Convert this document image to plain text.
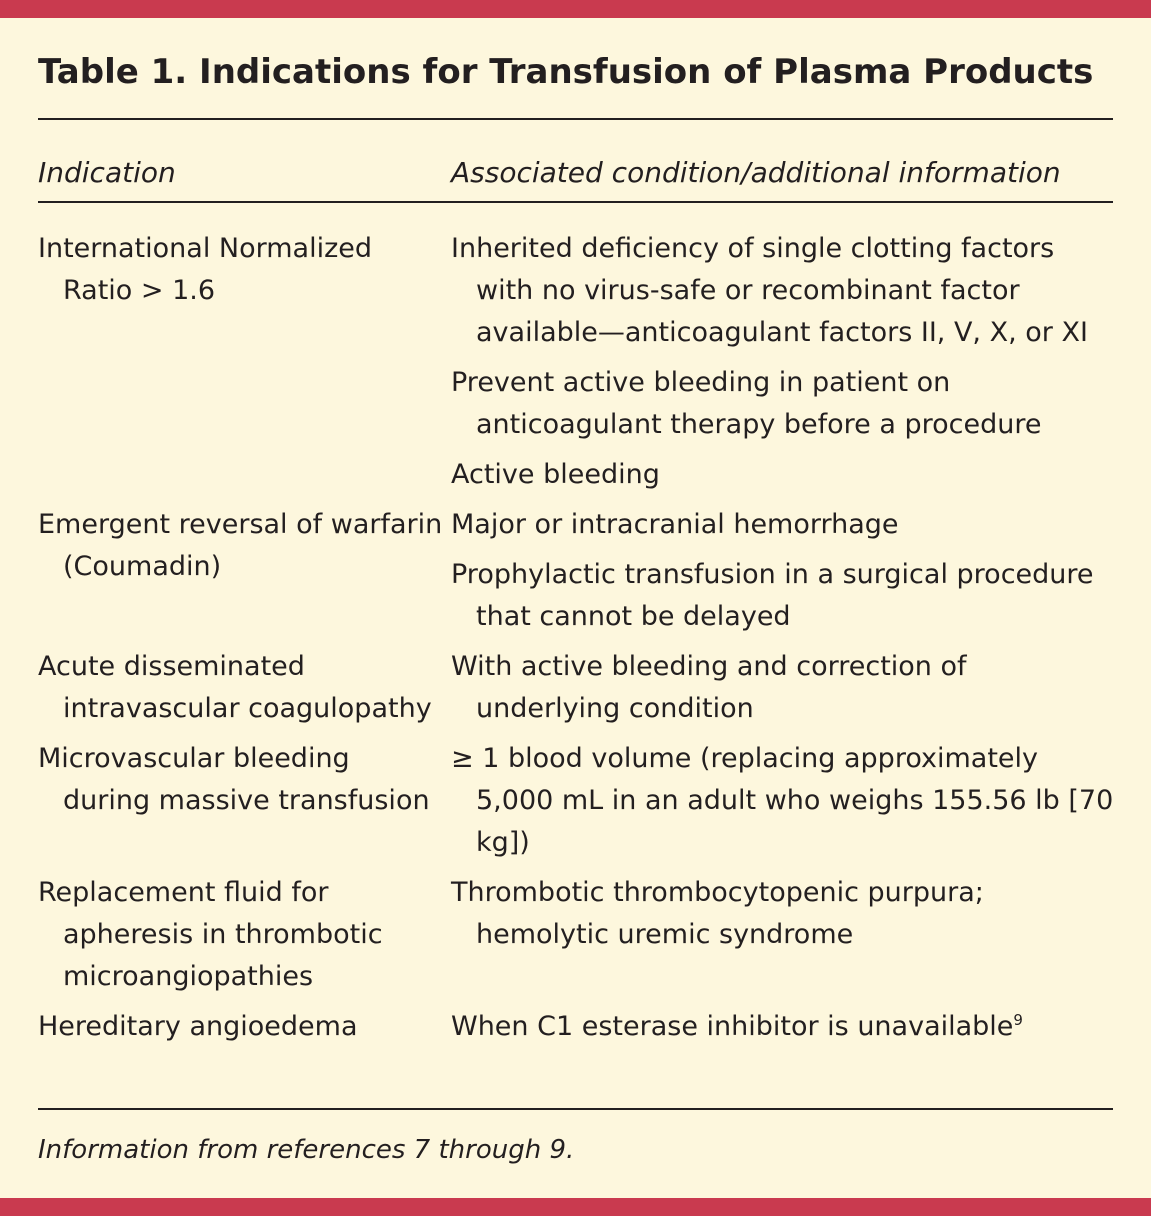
Table 1. Indications for Transfusion of Plasma Products
Indication	Associated condition/additional information
International Normalized Ratio > 1.6
Inherited deficiency of single clotting factors with no virus-safe or recombinant factor available—anticoagulant factors II, V, X, or XI
Prevent active bleeding in patient on anticoagulant therapy before a procedure
Active bleeding
Emergent reversal of warfarin (Coumadin)
Major or intracranial hemorrhage
Prophylactic transfusion in a surgical procedure that cannot be delayed
Acute disseminated intravascular coagulopathy
With active bleeding and correction of underlying condition
Microvascular bleeding during massive transfusion
≥ 1 blood volume (replacing approximately 5,000 mL in an adult who weighs 155.56 lb [70 kg])
Replacement fluid for apheresis in thrombotic microangiopathies
Thrombotic thrombocytopenic purpura; hemolytic uremic syndrome
Hereditary angioedema	When C1 esterase inhibitor is unavailable$^9$
Information from references 7 through 9.
